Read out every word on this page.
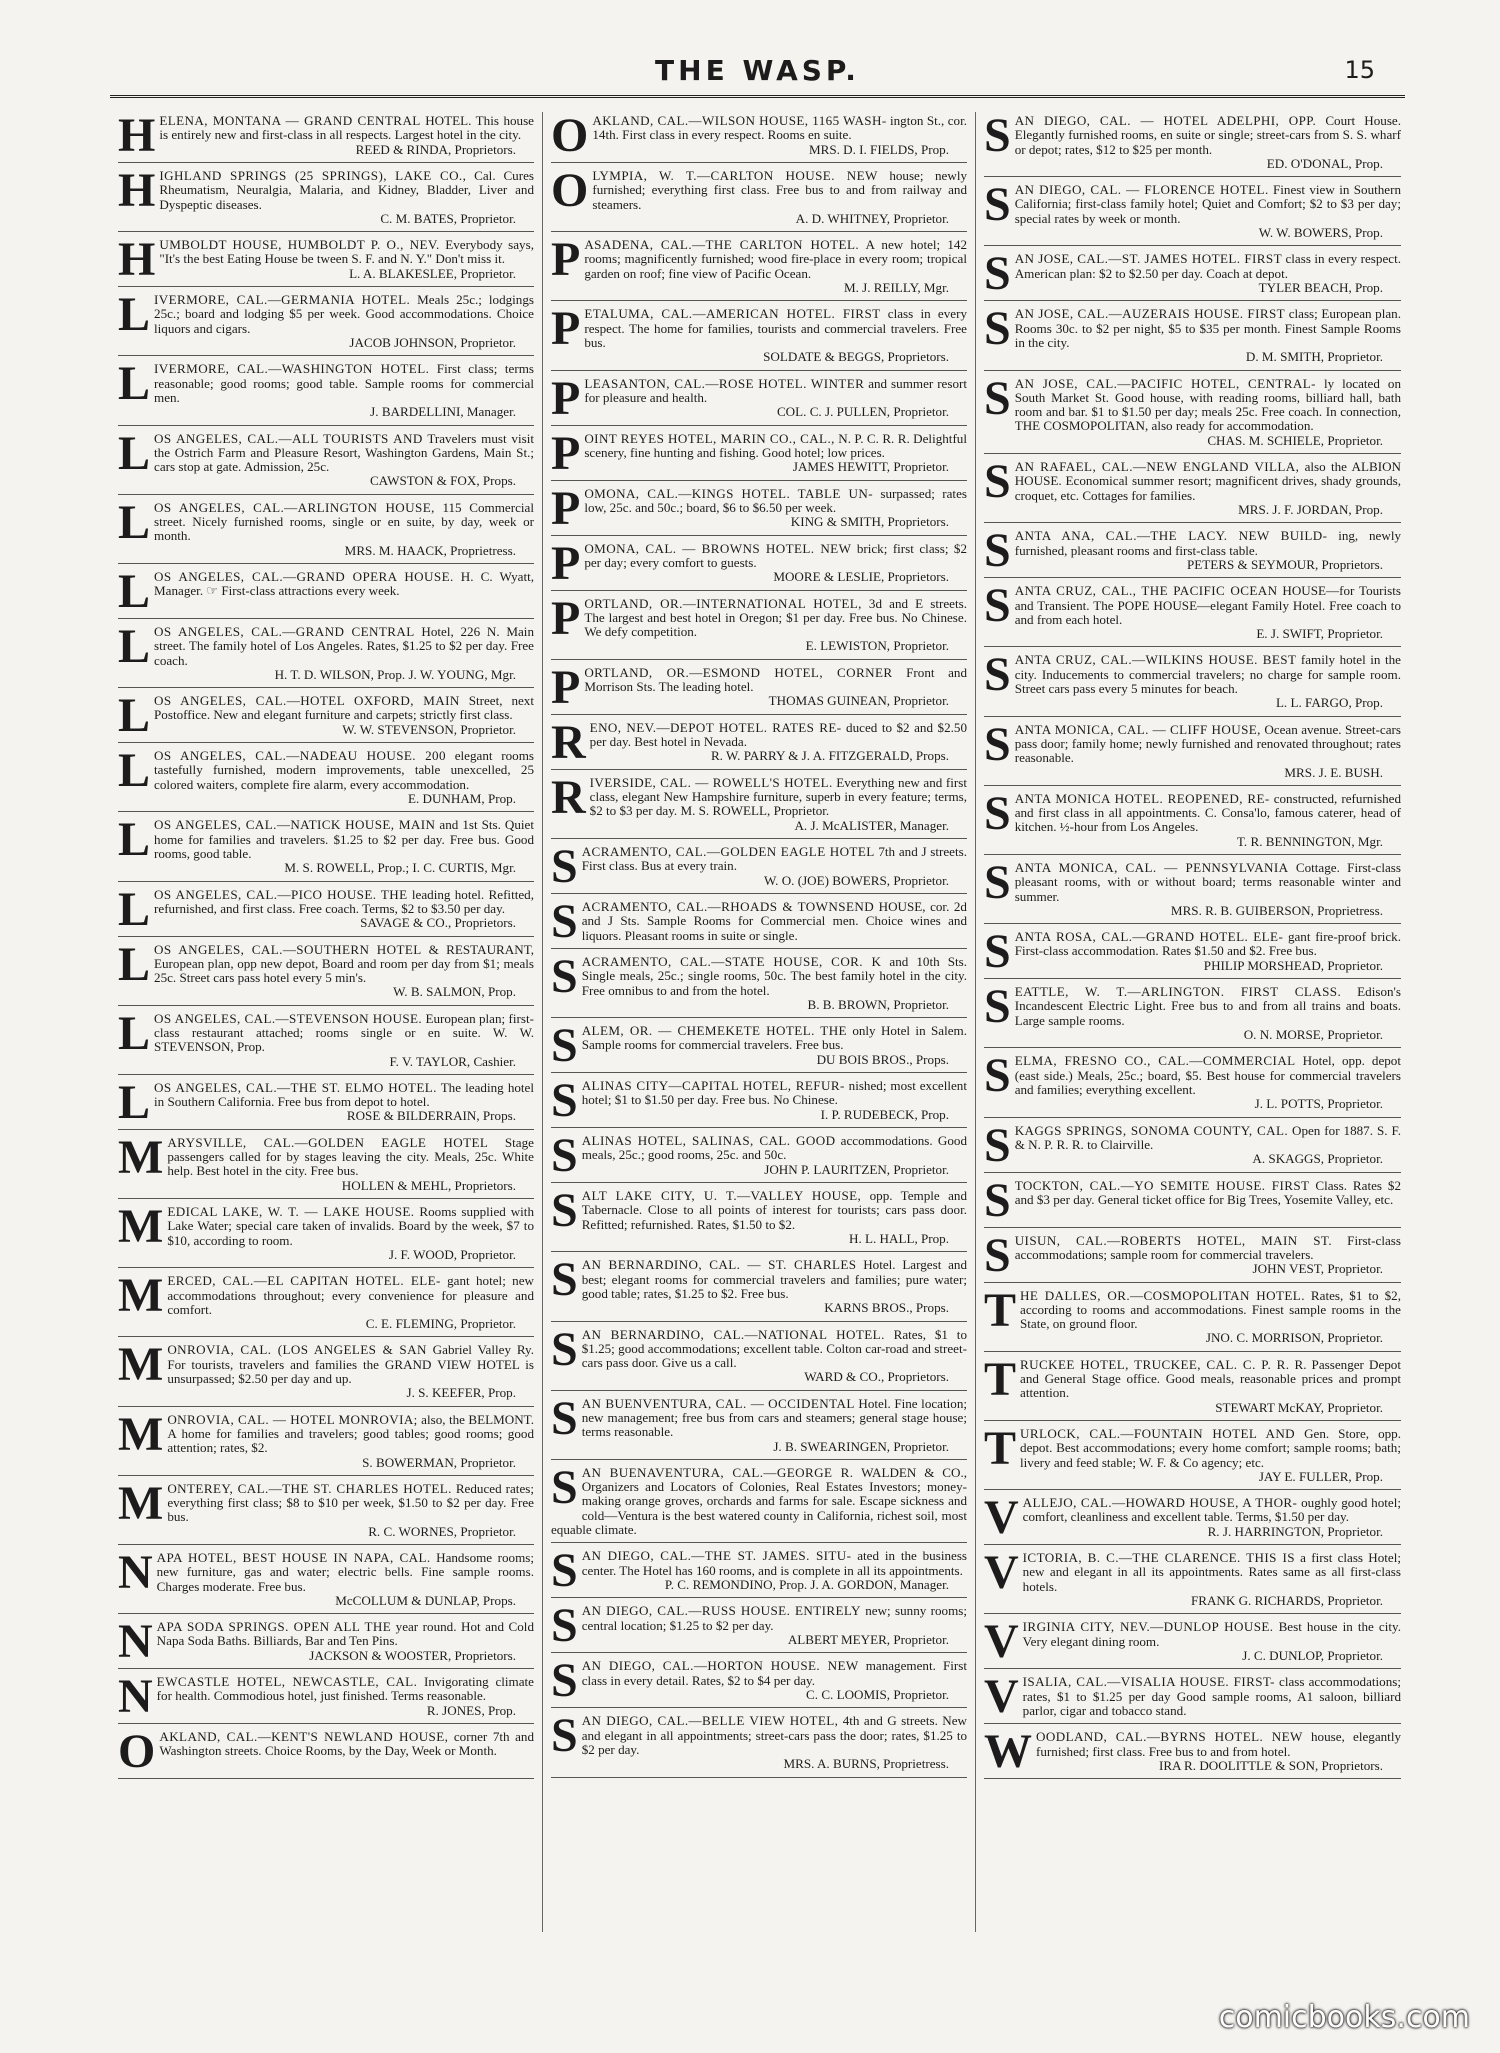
THE WASP.	15
HELENA, MONTANA — GRAND CENTRAL HOTEL. This house is entirely new and first-class in all respects. Largest hotel in the city.
REED & RINDA, Proprietors.
HIGHLAND SPRINGS (25 SPRINGS), LAKE CO., Cal. Cures Rheumatism, Neuralgia, Malaria, and Kidney, Bladder, Liver and Dyspeptic diseases.
C. M. BATES, Proprietor.
HUMBOLDT HOUSE, HUMBOLDT P. O., NEV. Everybody says, "It's the best Eating House be tween S. F. and N. Y." Don't miss it.
L. A. BLAKESLEE, Proprietor.
LIVERMORE, CAL.—GERMANIA HOTEL. Meals 25c.; lodgings 25c.; board and lodging $5 per week. Good accommodations. Choice liquors and cigars.
JACOB JOHNSON, Proprietor.
LIVERMORE, CAL.—WASHINGTON HOTEL. First class; terms reasonable; good rooms; good table. Sample rooms for commercial men.
J. BARDELLINI, Manager.
LOS ANGELES, CAL.—ALL TOURISTS AND Travelers must visit the Ostrich Farm and Pleasure Resort, Washington Gardens, Main St.; cars stop at gate. Admission, 25c.
CAWSTON & FOX, Props.
LOS ANGELES, CAL.—ARLINGTON HOUSE, 115 Commercial street. Nicely furnished rooms, single or en suite, by day, week or month.
MRS. M. HAACK, Proprietress.
LOS ANGELES, CAL.—GRAND OPERA HOUSE. H. C. Wyatt, Manager. ☞ First-class attractions every week.
LOS ANGELES, CAL.—GRAND CENTRAL Hotel, 226 N. Main street. The family hotel of Los Angeles. Rates, $1.25 to $2 per day. Free coach.
H. T. D. WILSON, Prop. J. W. YOUNG, Mgr.
LOS ANGELES, CAL.—HOTEL OXFORD, MAIN Street, next Postoffice. New and elegant furniture and carpets; strictly first class.
W. W. STEVENSON, Proprietor.
LOS ANGELES, CAL.—NADEAU HOUSE. 200 elegant rooms tastefully furnished, modern improvements, table unexcelled, 25 colored waiters, complete fire alarm, every accommodation.
E. DUNHAM, Prop.
LOS ANGELES, CAL.—NATICK HOUSE, MAIN and 1st Sts. Quiet home for families and travelers. $1.25 to $2 per day. Free bus. Good rooms, good table.
M. S. ROWELL, Prop.; I. C. CURTIS, Mgr.
LOS ANGELES, CAL.—PICO HOUSE. THE leading hotel. Refitted, refurnished, and first class. Free coach. Terms, $2 to $3.50 per day.
SAVAGE & CO., Proprietors.
LOS ANGELES, CAL.—SOUTHERN HOTEL & RESTAURANT, European plan, opp new depot, Board and room per day from $1; meals 25c. Street cars pass hotel every 5 min's.
W. B. SALMON, Prop.
LOS ANGELES, CAL.—STEVENSON HOUSE. European plan; first-class restaurant attached; rooms single or en suite. W. W. STEVENSON, Prop.
F. V. TAYLOR, Cashier.
LOS ANGELES, CAL.—THE ST. ELMO HOTEL. The leading hotel in Southern California. Free bus from depot to hotel.
ROSE & BILDERRAIN, Props.
MARYSVILLE, CAL.—GOLDEN EAGLE HOTEL Stage passengers called for by stages leaving the city. Meals, 25c. White help. Best hotel in the city. Free bus.
HOLLEN & MEHL, Proprietors.
MEDICAL LAKE, W. T. — LAKE HOUSE. Rooms supplied with Lake Water; special care taken of invalids. Board by the week, $7 to $10, according to room.
J. F. WOOD, Proprietor.
MERCED, CAL.—EL CAPITAN HOTEL. ELE- gant hotel; new accommodations throughout; every convenience for pleasure and comfort.
C. E. FLEMING, Proprietor.
MONROVIA, CAL. (LOS ANGELES & SAN Gabriel Valley Ry. For tourists, travelers and families the GRAND VIEW HOTEL is unsurpassed; $2.50 per day and up.
J. S. KEEFER, Prop.
MONROVIA, CAL. — HOTEL MONROVIA; also, the BELMONT. A home for families and travelers; good tables; good rooms; good attention; rates, $2.
S. BOWERMAN, Proprietor.
MONTEREY, CAL.—THE ST. CHARLES HOTEL. Reduced rates; everything first class; $8 to $10 per week, $1.50 to $2 per day. Free bus.
R. C. WORNES, Proprietor.
NAPA HOTEL, BEST HOUSE IN NAPA, CAL. Handsome rooms; new furniture, gas and water; electric bells. Fine sample rooms. Charges moderate. Free bus.
McCOLLUM & DUNLAP, Props.
NAPA SODA SPRINGS. OPEN ALL THE year round. Hot and Cold Napa Soda Baths. Billiards, Bar and Ten Pins.
JACKSON & WOOSTER, Proprietors.
NEWCASTLE HOTEL, NEWCASTLE, CAL. Invigorating climate for health. Commodious hotel, just finished. Terms reasonable.
R. JONES, Prop.
OAKLAND, CAL.—KENT'S NEWLAND HOUSE, corner 7th and Washington streets. Choice Rooms, by the Day, Week or Month.
OAKLAND, CAL.—WILSON HOUSE, 1165 WASH- ington St., cor. 14th. First class in every respect. Rooms en suite.
MRS. D. I. FIELDS, Prop.
OLYMPIA, W. T.—CARLTON HOUSE. NEW house; newly furnished; everything first class. Free bus to and from railway and steamers.
A. D. WHITNEY, Proprietor.
PASADENA, CAL.—THE CARLTON HOTEL. A new hotel; 142 rooms; magnificently furnished; wood fire-place in every room; tropical garden on roof; fine view of Pacific Ocean.
M. J. REILLY, Mgr.
PETALUMA, CAL.—AMERICAN HOTEL. FIRST class in every respect. The home for families, tourists and commercial travelers. Free bus.
SOLDATE & BEGGS, Proprietors.
PLEASANTON, CAL.—ROSE HOTEL. WINTER and summer resort for pleasure and health.
COL. C. J. PULLEN, Proprietor.
POINT REYES HOTEL, MARIN CO., CAL., N. P. C. R. R. Delightful scenery, fine hunting and fishing. Good hotel; low prices.
JAMES HEWITT, Proprietor.
POMONA, CAL.—KINGS HOTEL. TABLE UN- surpassed; rates low, 25c. and 50c.; board, $6 to $6.50 per week.
KING & SMITH, Proprietors.
POMONA, CAL. — BROWNS HOTEL. NEW brick; first class; $2 per day; every comfort to guests.
MOORE & LESLIE, Proprietors.
PORTLAND, OR.—INTERNATIONAL HOTEL, 3d and E streets. The largest and best hotel in Oregon; $1 per day. Free bus. No Chinese. We defy competition.
E. LEWISTON, Proprietor.
PORTLAND, OR.—ESMOND HOTEL, CORNER Front and Morrison Sts. The leading hotel.
THOMAS GUINEAN, Proprietor.
RENO, NEV.—DEPOT HOTEL. RATES RE- duced to $2 and $2.50 per day. Best hotel in Nevada.
R. W. PARRY & J. A. FITZGERALD, Props.
RIVERSIDE, CAL. — ROWELL'S HOTEL. Everything new and first class, elegant New Hampshire furniture, superb in every feature; terms, $2 to $3 per day. M. S. ROWELL, Proprietor.
A. J. McALISTER, Manager.
SACRAMENTO, CAL.—GOLDEN EAGLE HOTEL 7th and J streets. First class. Bus at every train.
W. O. (JOE) BOWERS, Proprietor.
SACRAMENTO, CAL.—RHOADS & TOWNSEND HOUSE, cor. 2d and J Sts. Sample Rooms for Commercial men. Choice wines and liquors. Pleasant rooms in suite or single.
SACRAMENTO, CAL.—STATE HOUSE, COR. K and 10th Sts. Single meals, 25c.; single rooms, 50c. The best family hotel in the city. Free omnibus to and from the hotel.
B. B. BROWN, Proprietor.
SALEM, OR. — CHEMEKETE HOTEL. THE only Hotel in Salem. Sample rooms for commercial travelers. Free bus.
DU BOIS BROS., Props.
SALINAS CITY—CAPITAL HOTEL, REFUR- nished; most excellent hotel; $1 to $1.50 per day. Free bus. No Chinese.
I. P. RUDEBECK, Prop.
SALINAS HOTEL, SALINAS, CAL. GOOD accommodations. Good meals, 25c.; good rooms, 25c. and 50c.
JOHN P. LAURITZEN, Proprietor.
SALT LAKE CITY, U. T.—VALLEY HOUSE, opp. Temple and Tabernacle. Close to all points of interest for tourists; cars pass door. Refitted; refurnished. Rates, $1.50 to $2.
H. L. HALL, Prop.
SAN BERNARDINO, CAL. — ST. CHARLES Hotel. Largest and best; elegant rooms for commercial travelers and families; pure water; good table; rates, $1.25 to $2. Free bus.
KARNS BROS., Props.
SAN BERNARDINO, CAL.—NATIONAL HOTEL. Rates, $1 to $1.25; good accommodations; excellent table. Colton car-road and street-cars pass door. Give us a call.
WARD & CO., Proprietors.
SAN BUENVENTURA, CAL. — OCCIDENTAL Hotel. Fine location; new management; free bus from cars and steamers; general stage house; terms reasonable.
J. B. SWEARINGEN, Proprietor.
SAN BUENAVENTURA, CAL.—GEORGE R. WALDEN & CO., Organizers and Locators of Colonies, Real Estates Investors; money-making orange groves, orchards and farms for sale. Escape sickness and cold—Ventura is the best watered county in California, richest soil, most equable climate.
SAN DIEGO, CAL.—THE ST. JAMES. SITU- ated in the business center. The Hotel has 160 rooms, and is complete in all its appointments.
P. C. REMONDINO, Prop. J. A. GORDON, Manager.
SAN DIEGO, CAL.—RUSS HOUSE. ENTIRELY new; sunny rooms; central location; $1.25 to $2 per day.
ALBERT MEYER, Proprietor.
SAN DIEGO, CAL.—HORTON HOUSE. NEW management. First class in every detail. Rates, $2 to $4 per day.
C. C. LOOMIS, Proprietor.
SAN DIEGO, CAL.—BELLE VIEW HOTEL, 4th and G streets. New and elegant in all appointments; street-cars pass the door; rates, $1.25 to $2 per day.
MRS. A. BURNS, Proprietress.
SAN DIEGO, CAL. — HOTEL ADELPHI, OPP. Court House. Elegantly furnished rooms, en suite or single; street-cars from S. S. wharf or depot; rates, $12 to $25 per month.
ED. O'DONAL, Prop.
SAN DIEGO, CAL. — FLORENCE HOTEL. Finest view in Southern California; first-class family hotel; Quiet and Comfort; $2 to $3 per day; special rates by week or month.
W. W. BOWERS, Prop.
SAN JOSE, CAL.—ST. JAMES HOTEL. FIRST class in every respect. American plan: $2 to $2.50 per day. Coach at depot.
TYLER BEACH, Prop.
SAN JOSE, CAL.—AUZERAIS HOUSE. FIRST class; European plan. Rooms 30c. to $2 per night, $5 to $35 per month. Finest Sample Rooms in the city.
D. M. SMITH, Proprietor.
SAN JOSE, CAL.—PACIFIC HOTEL, CENTRAL- ly located on South Market St. Good house, with reading rooms, billiard hall, bath room and bar. $1 to $1.50 per day; meals 25c. Free coach. In connection, THE COSMOPOLITAN, also ready for accommodation.
CHAS. M. SCHIELE, Proprietor.
SAN RAFAEL, CAL.—NEW ENGLAND VILLA, also the ALBION HOUSE. Economical summer resort; magnificent drives, shady grounds, croquet, etc. Cottages for families.
MRS. J. F. JORDAN, Prop.
SANTA ANA, CAL.—THE LACY. NEW BUILD- ing, newly furnished, pleasant rooms and first-class table.
PETERS & SEYMOUR, Proprietors.
SANTA CRUZ, CAL., THE PACIFIC OCEAN HOUSE—for Tourists and Transient. The POPE HOUSE—elegant Family Hotel. Free coach to and from each hotel.
E. J. SWIFT, Proprietor.
SANTA CRUZ, CAL.—WILKINS HOUSE. BEST family hotel in the city. Inducements to commercial travelers; no charge for sample room. Street cars pass every 5 minutes for beach.
L. L. FARGO, Prop.
SANTA MONICA, CAL. — CLIFF HOUSE, Ocean avenue. Street-cars pass door; family home; newly furnished and renovated throughout; rates reasonable.
MRS. J. E. BUSH.
SANTA MONICA HOTEL. REOPENED, RE- constructed, refurnished and first class in all appointments. C. Consa'lo, famous caterer, head of kitchen. ½-hour from Los Angeles.
T. R. BENNINGTON, Mgr.
SANTA MONICA, CAL. — PENNSYLVANIA Cottage. First-class pleasant rooms, with or without board; terms reasonable winter and summer.
MRS. R. B. GUIBERSON, Proprietress.
SANTA ROSA, CAL.—GRAND HOTEL. ELE- gant fire-proof brick. First-class accommodation. Rates $1.50 and $2. Free bus.
PHILIP MORSHEAD, Proprietor.
SEATTLE, W. T.—ARLINGTON. FIRST CLASS. Edison's Incandescent Electric Light. Free bus to and from all trains and boats. Large sample rooms.
O. N. MORSE, Proprietor.
SELMA, FRESNO CO., CAL.—COMMERCIAL Hotel, opp. depot (east side.) Meals, 25c.; board, $5. Best house for commercial travelers and families; everything excellent.
J. L. POTTS, Proprietor.
SKAGGS SPRINGS, SONOMA COUNTY, CAL. Open for 1887. S. F. & N. P. R. R. to Clairville.
A. SKAGGS, Proprietor.
STOCKTON, CAL.—YO SEMITE HOUSE. FIRST Class. Rates $2 and $3 per day. General ticket office for Big Trees, Yosemite Valley, etc.
SUISUN, CAL.—ROBERTS HOTEL, MAIN ST. First-class accommodations; sample room for commercial travelers.
JOHN VEST, Proprietor.
THE DALLES, OR.—COSMOPOLITAN HOTEL. Rates, $1 to $2, according to rooms and accommodations. Finest sample rooms in the State, on ground floor.
JNO. C. MORRISON, Proprietor.
TRUCKEE HOTEL, TRUCKEE, CAL. C. P. R. R. Passenger Depot and General Stage office. Good meals, reasonable prices and prompt attention.
STEWART McKAY, Proprietor.
TURLOCK, CAL.—FOUNTAIN HOTEL AND Gen. Store, opp. depot. Best accommodations; every home comfort; sample rooms; bath; livery and feed stable; W. F. & Co agency; etc.
JAY E. FULLER, Prop.
VALLEJO, CAL.—HOWARD HOUSE, A THOR- oughly good hotel; comfort, cleanliness and excellent table. Terms, $1.50 per day.
R. J. HARRINGTON, Proprietor.
VICTORIA, B. C.—THE CLARENCE. THIS IS a first class Hotel; new and elegant in all its appointments. Rates same as all first-class hotels.
FRANK G. RICHARDS, Proprietor.
VIRGINIA CITY, NEV.—DUNLOP HOUSE. Best house in the city. Very elegant dining room.
J. C. DUNLOP, Proprietor.
VISALIA, CAL.—VISALIA HOUSE. FIRST- class accommodations; rates, $1 to $1.25 per day Good sample rooms, A1 saloon, billiard parlor, cigar and tobacco stand.
WOODLAND, CAL.—BYRNS HOTEL. NEW house, elegantly furnished; first class. Free bus to and from hotel.
IRA R. DOOLITTLE & SON, Proprietors.
comicbooks.com
